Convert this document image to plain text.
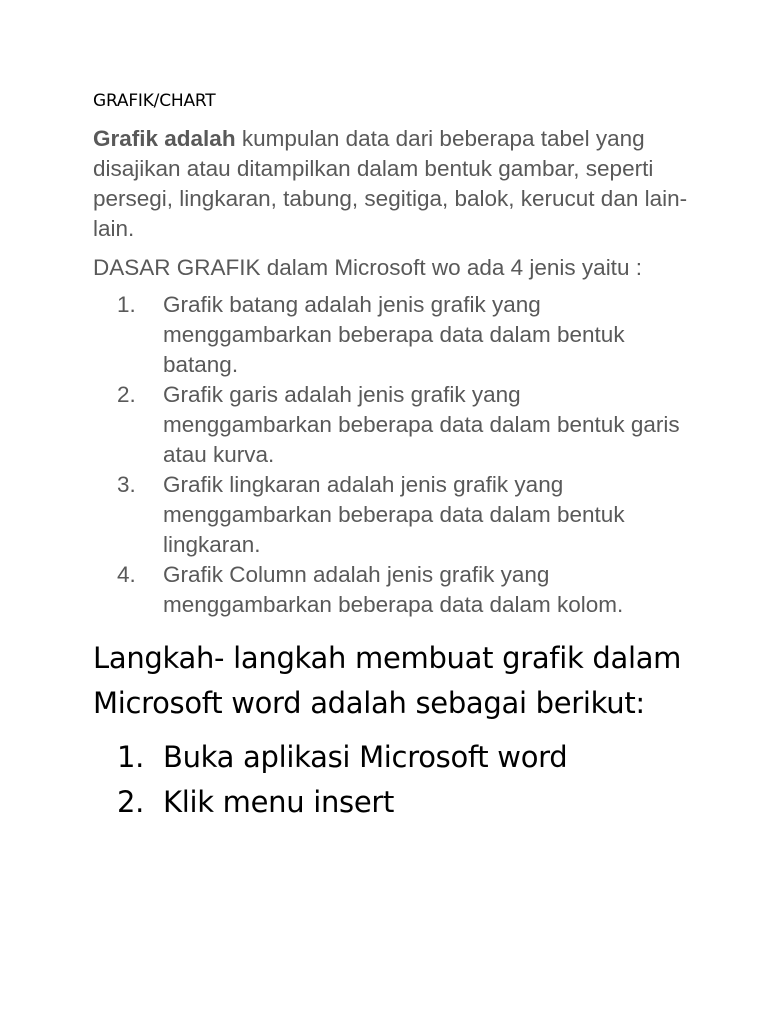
GRAFIK/CHART

Grafik adalah kumpulan data dari beberapa tabel yang disajikan atau ditampilkan dalam bentuk gambar, seperti persegi, lingkaran, tabung, segitiga, balok, kerucut dan lain-lain.

DASAR GRAFIK dalam Microsoft wo ada 4 jenis yaitu :

1. Grafik batang adalah jenis grafik yang menggambarkan beberapa data dalam bentuk batang.
2. Grafik garis adalah jenis grafik yang menggambarkan beberapa data dalam bentuk garis atau kurva.
3. Grafik lingkaran adalah jenis grafik yang menggambarkan beberapa data dalam bentuk lingkaran.
4. Grafik Column adalah jenis grafik yang menggambarkan beberapa data dalam kolom.

Langkah- langkah membuat grafik dalam Microsoft word adalah sebagai berikut:

1. Buka aplikasi Microsoft word
2. Klik menu insert
